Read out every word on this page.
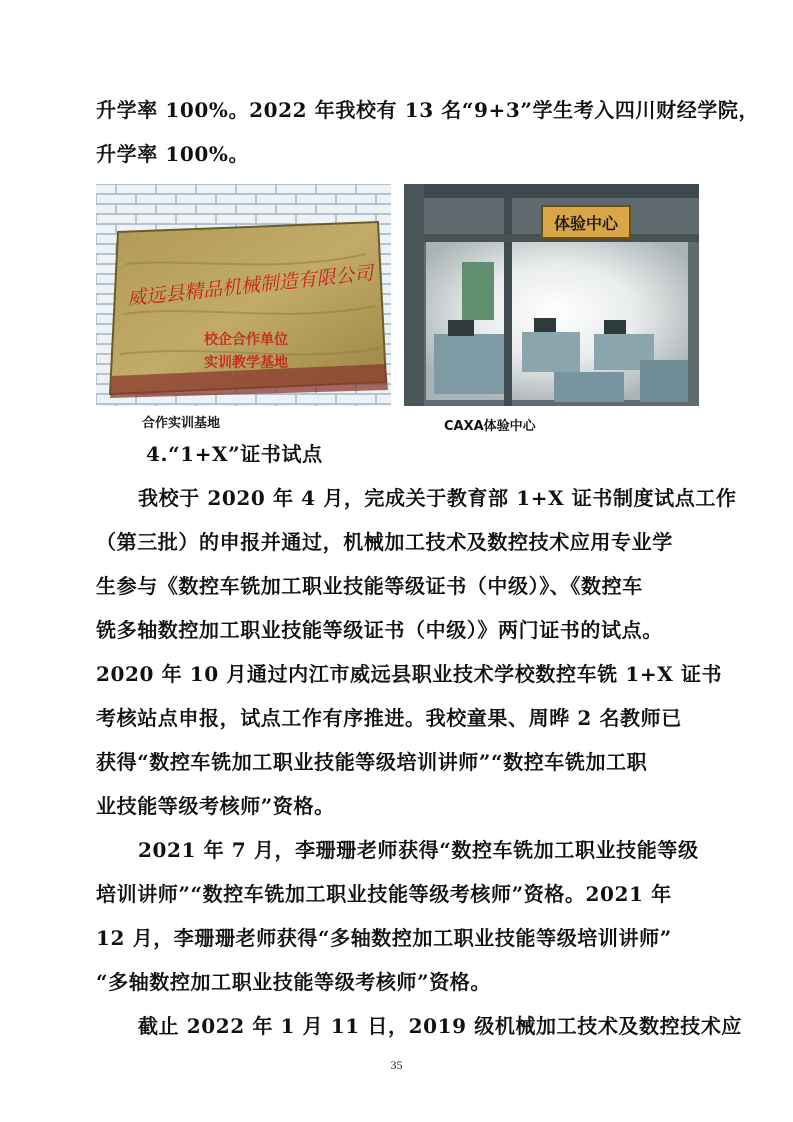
升学率 100%。2022 年我校有 13 名“9+3”学生考入四川财经学院，
升学率 100%。
威远县精品机械制造有限公司
校企合作单位
实训教学基地
合作实训基地
体验中心
CAXA体验中心
4.“1+X”证书试点
我校于 2020 年 4 月，完成关于教育部 1+X 证书制度试点工作
（第三批）的申报并通过，机械加工技术及数控技术应用专业学
生参与《数控车铣加工职业技能等级证书（中级）》、《数控车
铣多轴数控加工职业技能等级证书（中级）》两门证书的试点。
2020 年 10 月通过内江市威远县职业技术学校数控车铣 1+X 证书
考核站点申报，试点工作有序推进。我校童果、周晔 2 名教师已
获得“数控车铣加工职业技能等级培训讲师”“数控车铣加工职
业技能等级考核师”资格。
2021 年 7 月，李珊珊老师获得“数控车铣加工职业技能等级
培训讲师”“数控车铣加工职业技能等级考核师”资格。2021 年
12 月，李珊珊老师获得“多轴数控加工职业技能等级培训讲师”
“多轴数控加工职业技能等级考核师”资格。
截止 2022 年 1 月 11 日，2019 级机械加工技术及数控技术应
35
